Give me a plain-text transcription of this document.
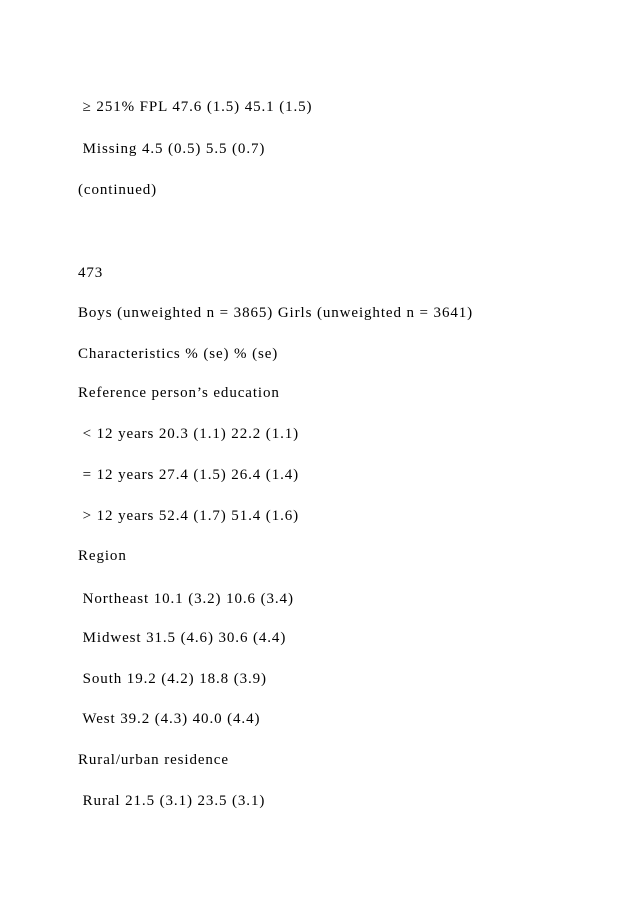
≥ 251% FPL 47.6 (1.5) 45.1 (1.5)
Missing 4.5 (0.5) 5.5 (0.7)
(continued)
473
Boys (unweighted n = 3865) Girls (unweighted n = 3641)
Characteristics % (se) % (se)
Reference person’s education
< 12 years 20.3 (1.1) 22.2 (1.1)
= 12 years 27.4 (1.5) 26.4 (1.4)
> 12 years 52.4 (1.7) 51.4 (1.6)
Region
Northeast 10.1 (3.2) 10.6 (3.4)
Midwest 31.5 (4.6) 30.6 (4.4)
South 19.2 (4.2) 18.8 (3.9)
West 39.2 (4.3) 40.0 (4.4)
Rural/urban residence
Rural 21.5 (3.1) 23.5 (3.1)
